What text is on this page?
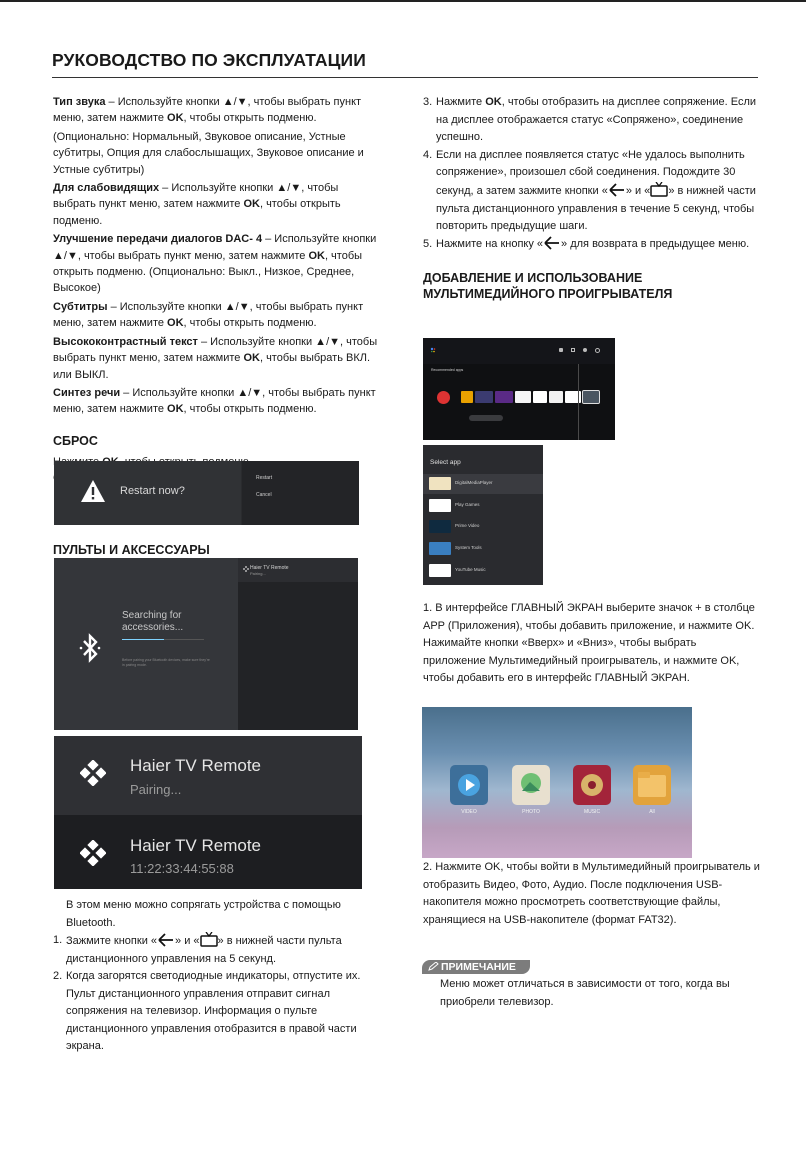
РУКОВОДСТВО ПО ЭКСПЛУАТАЦИИ

Тип звука – Используйте кнопки ▲/▼, чтобы выбрать пункт меню, затем нажмите OK, чтобы открыть подменю.

(Опционально: Нормальный, Звуковое описание, Устные субтитры, Опция для слабослышащих, Звуковое описание и Устные субтитры)

Для слабовидящих – Используйте кнопки ▲/▼, чтобы выбрать пункт меню, затем нажмите OK, чтобы открыть подменю.

Улучшение передачи диалогов DAC- 4 – Используйте кнопки ▲/▼, чтобы выбрать пункт меню, затем нажмите OK, чтобы открыть подменю. (Опционально: Выкл., Низкое, Среднее, Высокое)

Субтитры – Используйте кнопки ▲/▼, чтобы выбрать пункт меню, затем нажмите OK, чтобы открыть подменю.

Высококонтрастный текст – Используйте кнопки ▲/▼, чтобы выбрать пункт меню, затем нажмите OK, чтобы выбрать ВКЛ. или ВЫКЛ.

Синтез речи – Используйте кнопки ▲/▼, чтобы выбрать пункт меню, затем нажмите OK, чтобы открыть подменю.

СБРОС

Restart now?
Restart
Cancel
ПУЛЬТЫ И АКСЕССУАРЫ
Searching for accessories...
Before pairing your Bluetooth devices, make sure they're in pairing mode.
Haier TV Remote
Pairing...
Haier TV Remote
Pairing...
Haier TV Remote
11:22:33:44:55:88

В этом меню можно сопрягать устройства с помощью Bluetooth.

1. Зажмите кнопки « » и « » в нижней части пульта дистанционного управления на 5 секунд.
2. Когда загорятся светодиодные индикаторы, отпустите их. Пульт дистанционного управления отправит сигнал сопряжения на телевизор. Информация о пульте дистанционного управления отобразится в правой части экрана.
3. Нажмите OK, чтобы отобразить на дисплее сопряжение. Если на дисплее отображается статус «Сопряжено», соединение успешно.
4. Если на дисплее появляется статус «Не удалось выполнить сопряжение», произошел сбой соединения. Подождите 30 секунд, а затем зажмите кнопки « » и « » в нижней части пульта дистанционного управления в течение 5 секунд, чтобы повторить предыдущие шаги.
5. Нажмите на кнопку « » для возврата в предыдущее меню.
ДОБАВЛЕНИЕ И ИСПОЛЬЗОВАНИЕ МУЛЬТИМЕДИЙНОГО ПРОИГРЫВАТЕЛЯ
Recommended apps
Select app
DigitalMediaPlayer
Play Games
Prime Video
System Tools
YouTube Music

1. В интерфейсе ГЛАВНЫЙ ЭКРАН выберите значок + в столбце APP (Приложения), чтобы добавить приложение, и нажмите OK. Нажимайте кнопки «Вверх» и «Вниз», чтобы выбрать приложение Мультимедийный проигрыватель, и нажмите OK, чтобы добавить его в интерфейс ГЛАВНЫЙ ЭКРАН.

VIDEO	PHOTO	MUSIC	All

2. Нажмите OK, чтобы войти в Мультимедийный проигрыватель и отобразить Видео, Фото, Аудио. После подключения USB-накопителя можно просмотреть соответствующие файлы, хранящиеся на USB-накопителе (формат FAT32).

ПРИМЕЧАНИЕ

Меню может отличаться в зависимости от того, когда вы приобрели телевизор.
